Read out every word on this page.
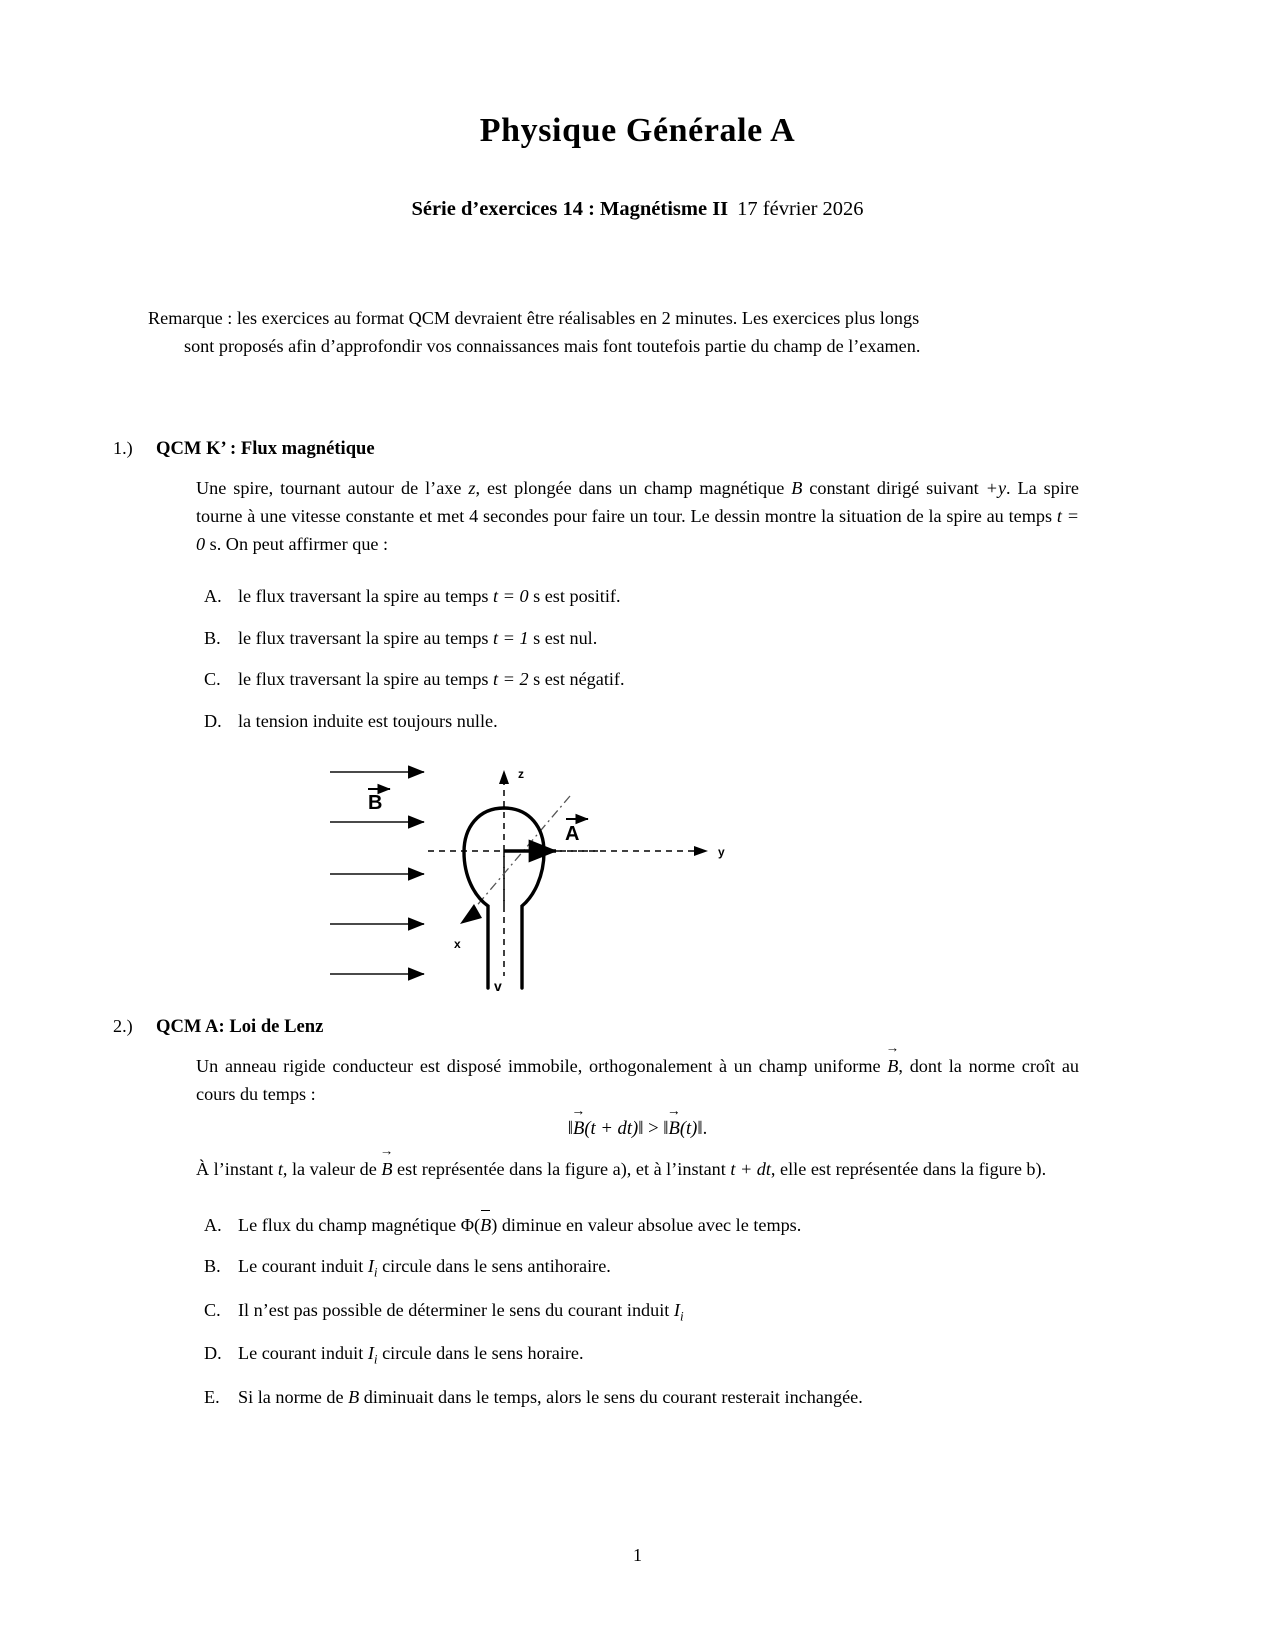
Physique Générale A
Série d’exercices 14 : Magnétisme II 17 février 2026

Remarque : les exercices au format QCM devraient être réalisables en 2 minutes. Les exercices plus longs
sont proposés afin d’approfondir vos connaissances mais font toutefois partie du champ de l’examen.

1.) QCM K’ : Flux magnétique

Une spire, tournant autour de l’axe z, est plongée dans un champ magnétique B constant dirigé suivant +y. La spire tourne à une vitesse constante et met 4 secondes pour faire un tour. Le dessin montre la situation de la spire au temps t = 0 s. On peut affirmer que :

A. le flux traversant la spire au temps t = 0 s est positif.
B. le flux traversant la spire au temps t = 1 s est nul.
C. le flux traversant la spire au temps t = 2 s est négatif.
D. la tension induite est toujours nulle.
B
z
y
x
A
v
2.) QCM A: Loi de Lenz

Un anneau rigide conducteur est disposé immobile, orthogonalement à un champ uniforme → B, dont la norme croît au cours du temps :

‖→ B(t + dt)‖ > ‖→ B(t)‖.

À l’instant t, la valeur de → B est représentée dans la figure a), et à l’instant t + dt, elle est représentée dans la figure b).

A. Le flux du champ magnétique Φ(B) diminue en valeur absolue avec le temps.
B. Le courant induit $I_i$ circule dans le sens antihoraire.
C. Il n’est pas possible de déterminer le sens du courant induit $I_i$
D. Le courant induit $I_i$ circule dans le sens horaire.
E. Si la norme de B diminuait dans le temps, alors le sens du courant resterait inchangée.
1
